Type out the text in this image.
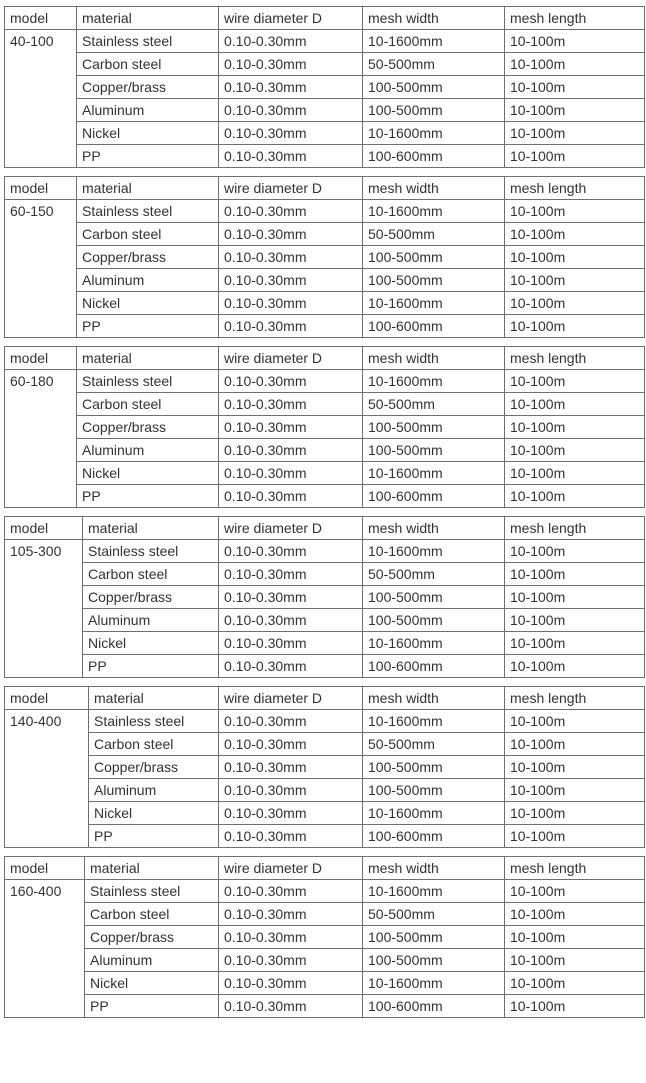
model	material	wire diameter D	mesh width	mesh length
40-100	Stainless steel	0.10-0.30mm	10-1600mm	10-100m
	Carbon steel	0.10-0.30mm	50-500mm	10-100m
	Copper/brass	0.10-0.30mm	100-500mm	10-100m
	Aluminum	0.10-0.30mm	100-500mm	10-100m
	Nickel	0.10-0.30mm	10-1600mm	10-100m
	PP	0.10-0.30mm	100-600mm	10-100m
model	material	wire diameter D	mesh width	mesh length
60-150	Stainless steel	0.10-0.30mm	10-1600mm	10-100m
	Carbon steel	0.10-0.30mm	50-500mm	10-100m
	Copper/brass	0.10-0.30mm	100-500mm	10-100m
	Aluminum	0.10-0.30mm	100-500mm	10-100m
	Nickel	0.10-0.30mm	10-1600mm	10-100m
	PP	0.10-0.30mm	100-600mm	10-100m
model	material	wire diameter D	mesh width	mesh length
60-180	Stainless steel	0.10-0.30mm	10-1600mm	10-100m
	Carbon steel	0.10-0.30mm	50-500mm	10-100m
	Copper/brass	0.10-0.30mm	100-500mm	10-100m
	Aluminum	0.10-0.30mm	100-500mm	10-100m
	Nickel	0.10-0.30mm	10-1600mm	10-100m
	PP	0.10-0.30mm	100-600mm	10-100m
model	material	wire diameter D	mesh width	mesh length
105-300	Stainless steel	0.10-0.30mm	10-1600mm	10-100m
	Carbon steel	0.10-0.30mm	50-500mm	10-100m
	Copper/brass	0.10-0.30mm	100-500mm	10-100m
	Aluminum	0.10-0.30mm	100-500mm	10-100m
	Nickel	0.10-0.30mm	10-1600mm	10-100m
	PP	0.10-0.30mm	100-600mm	10-100m
model	material	wire diameter D	mesh width	mesh length
140-400	Stainless steel	0.10-0.30mm	10-1600mm	10-100m
	Carbon steel	0.10-0.30mm	50-500mm	10-100m
	Copper/brass	0.10-0.30mm	100-500mm	10-100m
	Aluminum	0.10-0.30mm	100-500mm	10-100m
	Nickel	0.10-0.30mm	10-1600mm	10-100m
	PP	0.10-0.30mm	100-600mm	10-100m
model	material	wire diameter D	mesh width	mesh length
160-400	Stainless steel	0.10-0.30mm	10-1600mm	10-100m
	Carbon steel	0.10-0.30mm	50-500mm	10-100m
	Copper/brass	0.10-0.30mm	100-500mm	10-100m
	Aluminum	0.10-0.30mm	100-500mm	10-100m
	Nickel	0.10-0.30mm	10-1600mm	10-100m
	PP	0.10-0.30mm	100-600mm	10-100m
